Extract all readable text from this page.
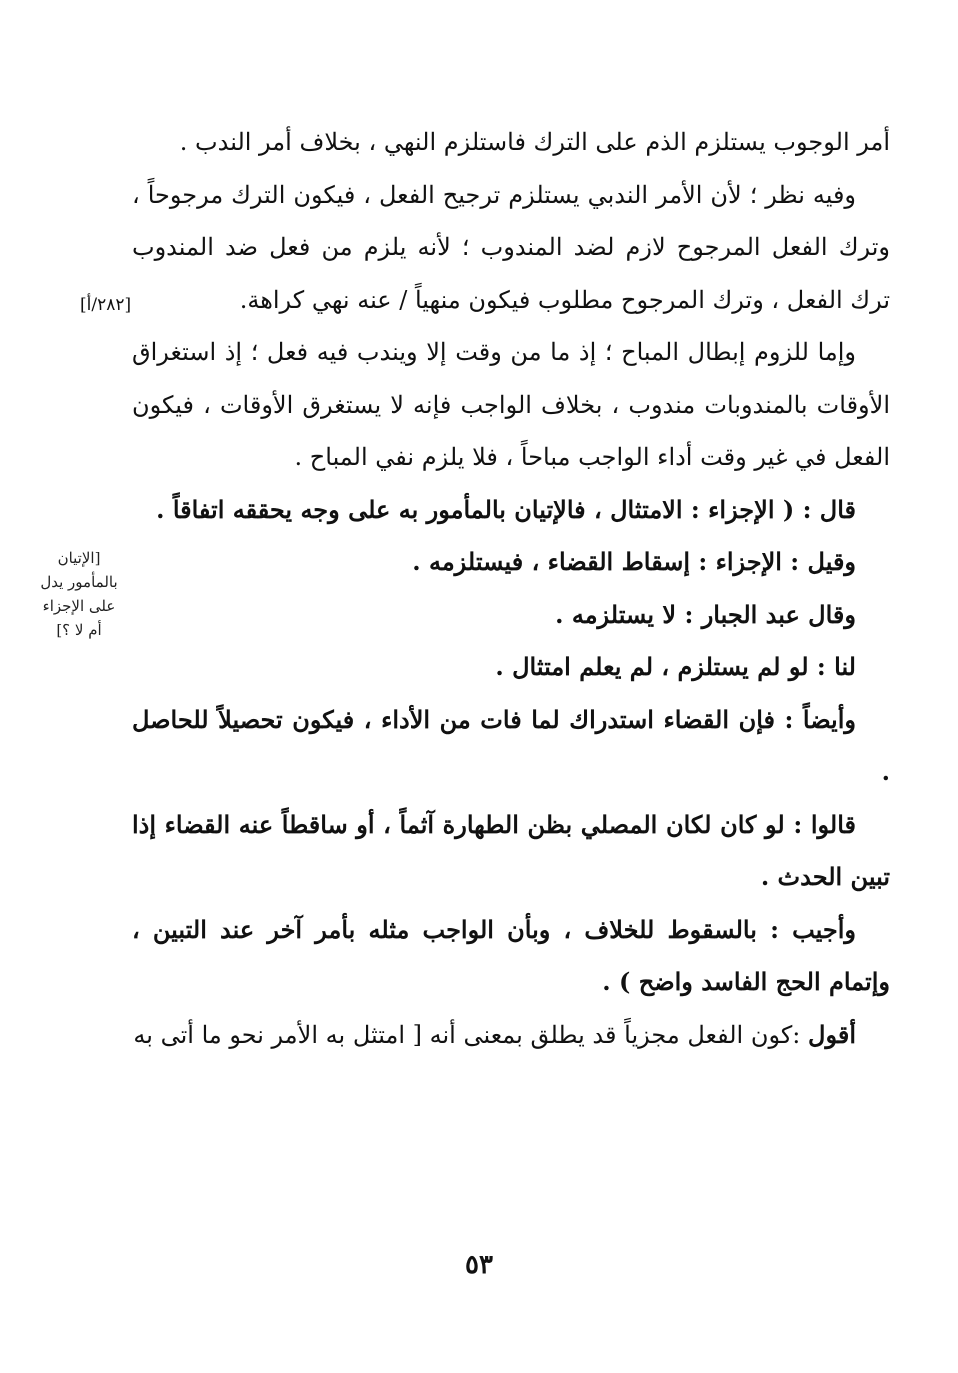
أمر الوجوب يستلزم الذم على الترك فاستلزم النهي ، بخلاف أمر الندب .

وفيه نظر ؛ لأن الأمر الندبي يستلزم ترجيح الفعل ، فيكون الترك مرجوحاً ، وترك الفعل المرجوح لازم لضد المندوب ؛ لأنه يلزم من فعل ضد المندوب ترك الفعل ، وترك المرجوح مطلوب فيكون منهياً / عنه نهي كراهة.
[٢٨٢/أ]

وإما للزوم إبطال المباح ؛ إذ ما من وقت إلا ويندب فيه فعل ؛ إذ استغراق الأوقات بالمندوبات مندوب ، بخلاف الواجب فإنه لا يستغرق الأوقات ، فيكون الفعل في غير وقت أداء الواجب مباحاً ، فلا يلزم نفي المباح .

قال : ( الإجزاء : الامتثال ، فالإتيان بالمأمور به على وجه يحققه اتفاقاً .

وقيل : الإجزاء : إسقاط القضاء ، فيستلزمه .

وقال عبد الجبار : لا يستلزمه .

لنا : لو لم يستلزم ، لم يعلم امتثال .

وأيضاً : فإن القضاء استدراك لما فات من الأداء ، فيكون تحصيلاً للحاصل .

قالوا : لو كان لكان المصلي بظن الطهارة آثماً ، أو ساقطاً عنه القضاء إذا تبين الحدث .

وأجيب : بالسقوط للخلاف ، وبأن الواجب مثله بأمر آخر عند التبين ، وإتمام الحج الفاسد واضح ) .

أقول :كون الفعل مجزياً قد يطلق بمعنى أنه [ امتثل به الأمر نحو ما أتى به

[الإتيان
بالمأمور يدل
على الإجزاء
أم لا ؟]
٥٣
